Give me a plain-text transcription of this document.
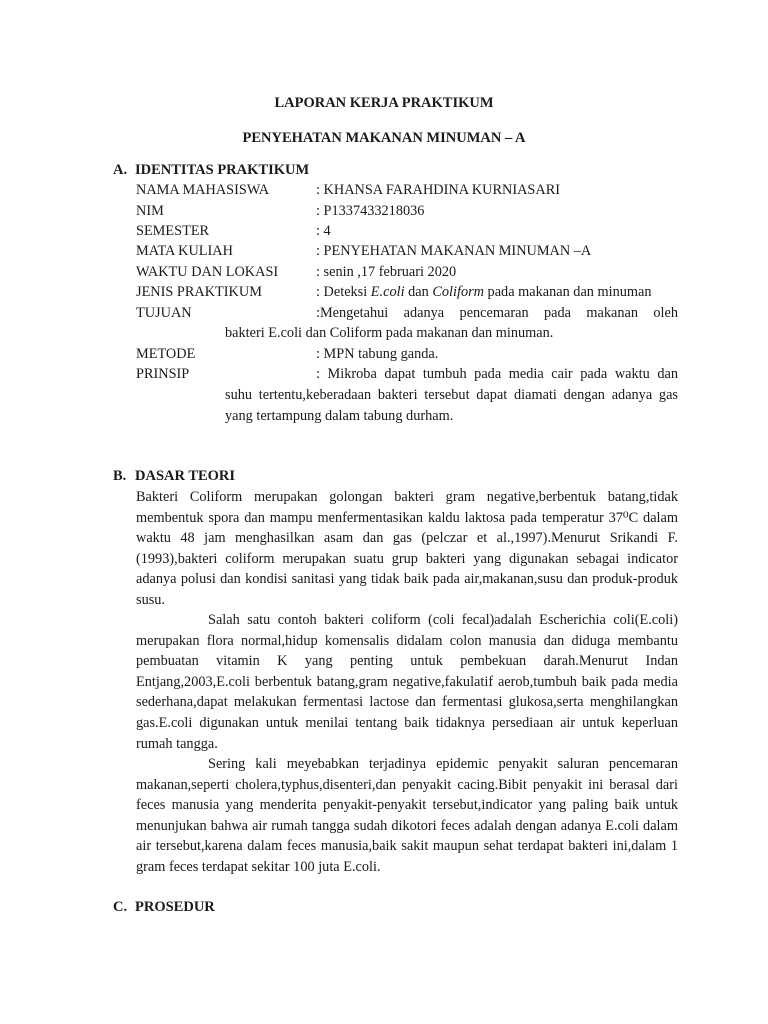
LAPORAN KERJA PRAKTIKUM
PENYEHATAN MAKANAN MINUMAN – A
A. IDENTITAS PRAKTIKUM
NAMA MAHASISWA	: KHANSA FARAHDINA KURNIASARI
NIM	: P1337433218036
SEMESTER	: 4
MATA KULIAH	: PENYEHATAN MAKANAN MINUMAN –A
WAKTU DAN LOKASI	: senin ,17 februari 2020
JENIS PRAKTIKUM	: Deteksi E.coli dan Coliform pada makanan dan minuman
TUJUAN	:Mengetahui adanya pencemaran pada makanan oleh
bakteri E.coli dan Coliform pada makanan dan minuman.
METODE	: MPN tabung ganda.
PRINSIP	: Mikroba dapat tumbuh pada media cair pada waktu dan
suhu tertentu,keberadaan bakteri tersebut dapat diamati dengan adanya gas
yang tertampung dalam tabung durham.
B. DASAR TEORI

Bakteri Coliform merupakan golongan bakteri gram negative,berbentuk batang,tidak membentuk spora dan mampu menfermentasikan kaldu laktosa pada temperatur 37⁰C dalam waktu 48 jam menghasilkan asam dan gas (pelczar et al.,1997).Menurut Srikandi F.(1993),bakteri coliform merupakan suatu grup bakteri yang digunakan sebagai indicator adanya polusi dan kondisi sanitasi yang tidak baik pada air,makanan,susu dan produk-produk susu.

Salah satu contoh bakteri coliform (coli fecal)adalah Escherichia coli(E.coli) merupakan flora normal,hidup komensalis didalam colon manusia dan diduga membantu pembuatan vitamin K yang penting untuk pembekuan darah.Menurut Indan Entjang,2003,E.coli berbentuk batang,gram negative,fakulatif aerob,tumbuh baik pada media sederhana,dapat melakukan fermentasi lactose dan fermentasi glukosa,serta menghilangkan gas.E.coli digunakan untuk menilai tentang baik tidaknya persediaan air untuk keperluan rumah tangga.

Sering kali meyebabkan terjadinya epidemic penyakit saluran pencemaran makanan,seperti cholera,typhus,disenteri,dan penyakit cacing.Bibit penyakit ini berasal dari feces manusia yang menderita penyakit-penyakit tersebut,indicator yang paling baik untuk menunjukan bahwa air rumah tangga sudah dikotori feces adalah dengan adanya E.coli dalam air tersebut,karena dalam feces manusia,baik sakit maupun sehat terdapat bakteri ini,dalam 1 gram feces terdapat sekitar 100 juta E.coli.

C. PROSEDUR
